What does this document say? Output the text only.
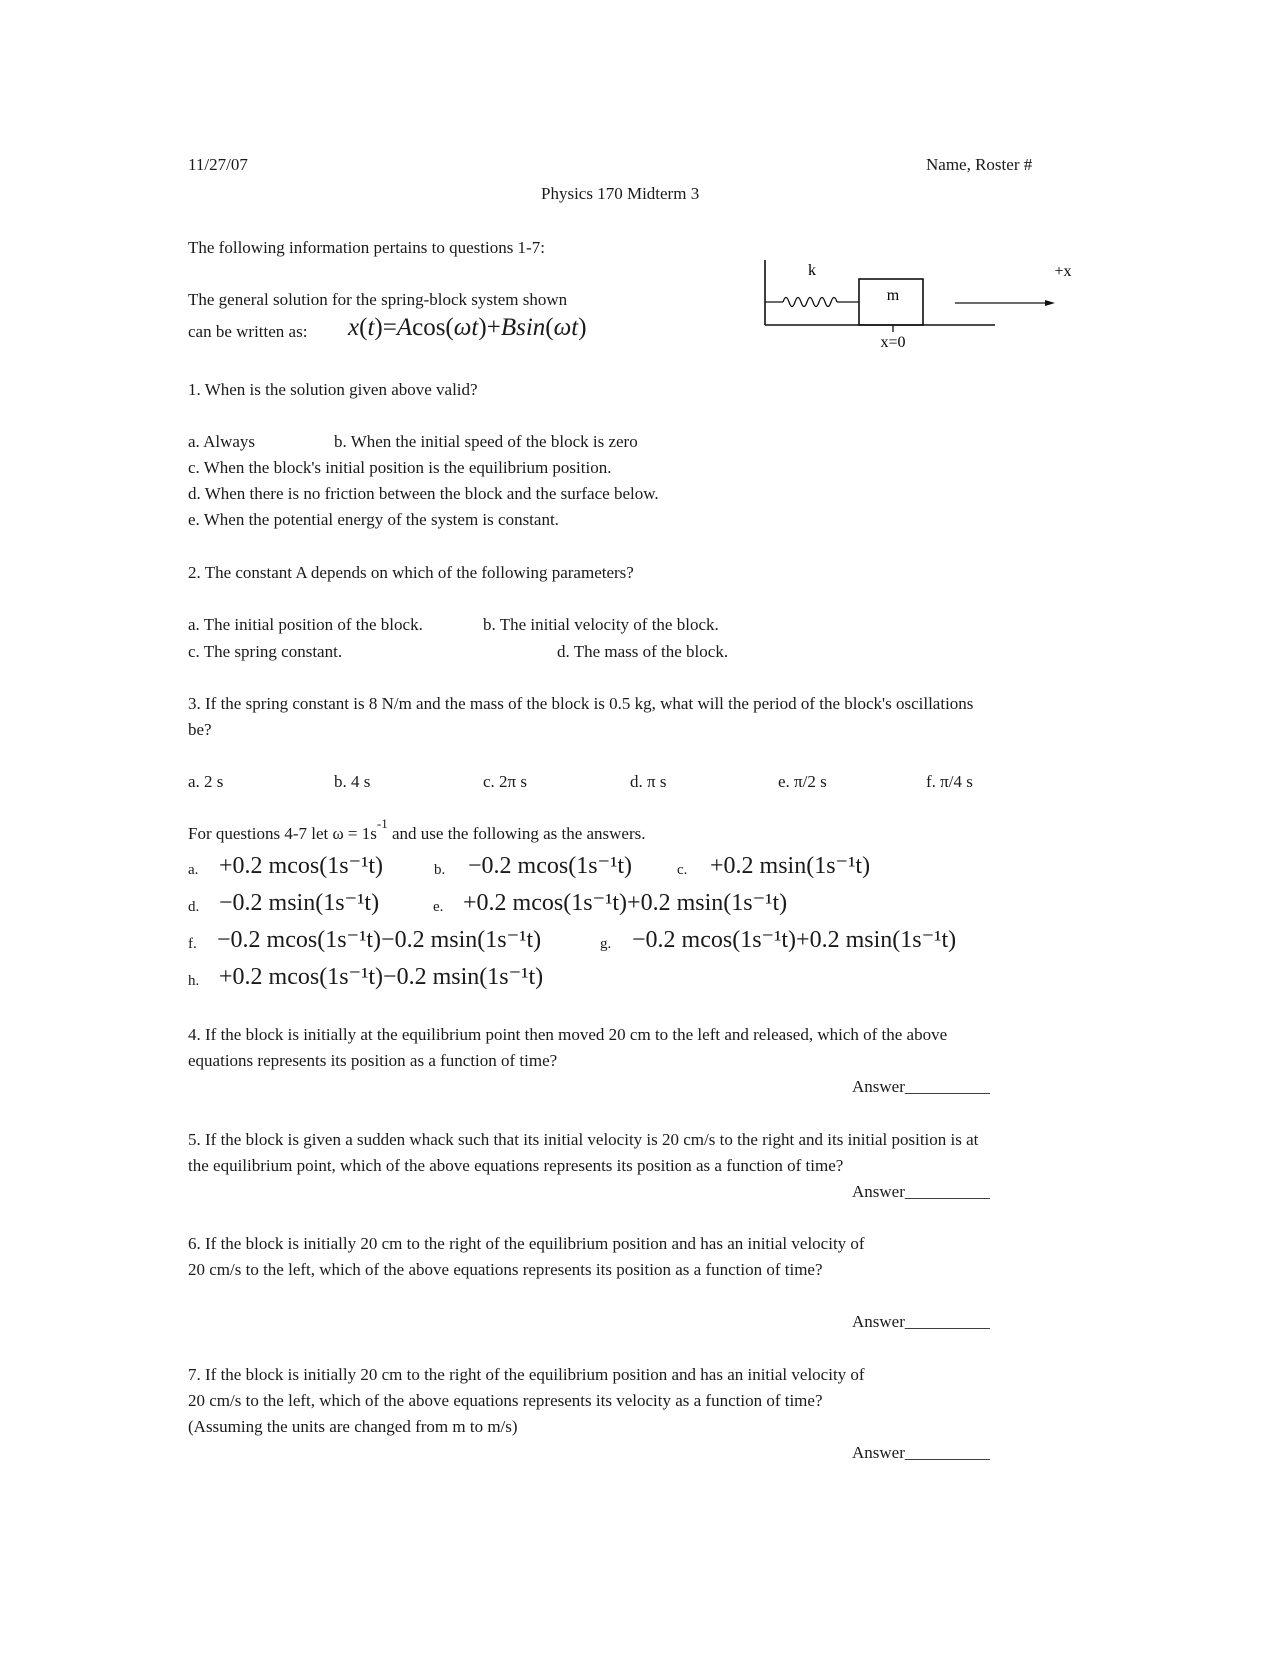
11/27/07	Name, Roster #
Physics 170 Midterm 3
The following information pertains to questions 1-7:
The general solution for the spring-block system shown
can be written as: x(t)=Acos(ωt)+Bsin(ωt)
k
m
+x
x=0
1. When is the solution given above valid?
a. Always	b. When the initial speed of the block is zero
c. When the block's initial position is the equilibrium position.
d. When there is no friction between the block and the surface below.
e. When the potential energy of the system is constant.
2. The constant A depends on which of the following parameters?
a. The initial position of the block.	b. The initial velocity of the block.
c. The spring constant.	d. The mass of the block.
3. If the spring constant is 8 N/m and the mass of the block is 0.5 kg, what will the period of the block's oscillations
be?
a. 2 s	b. 4 s	c. 2π s	d. π s	e. π/2 s	f. π/4 s
For questions 4-7 let $\omega = 1s^{-1}$ and use the following as the answers.
a. +0.2 mcos(1s⁻¹t)	b. −0.2 mcos(1s⁻¹t)	c. +0.2 msin(1s⁻¹t)
d. −0.2 msin(1s⁻¹t)	e. +0.2 mcos(1s⁻¹t)+0.2 msin(1s⁻¹t)
f. −0.2 mcos(1s⁻¹t)−0.2 msin(1s⁻¹t)	g. −0.2 mcos(1s⁻¹t)+0.2 msin(1s⁻¹t)
h. +0.2 mcos(1s⁻¹t)−0.2 msin(1s⁻¹t)
4. If the block is initially at the equilibrium point then moved 20 cm to the left and released, which of the above
equations represents its position as a function of time?
Answer__________
5. If the block is given a sudden whack such that its initial velocity is 20 cm/s to the right and its initial position is at
the equilibrium point, which of the above equations represents its position as a function of time?
Answer__________
6. If the block is initially 20 cm to the right of the equilibrium position and has an initial velocity of
20 cm/s to the left, which of the above equations represents its position as a function of time?
Answer__________
7. If the block is initially 20 cm to the right of the equilibrium position and has an initial velocity of
20 cm/s to the left, which of the above equations represents its velocity as a function of time?
(Assuming the units are changed from m to m/s)
Answer__________
